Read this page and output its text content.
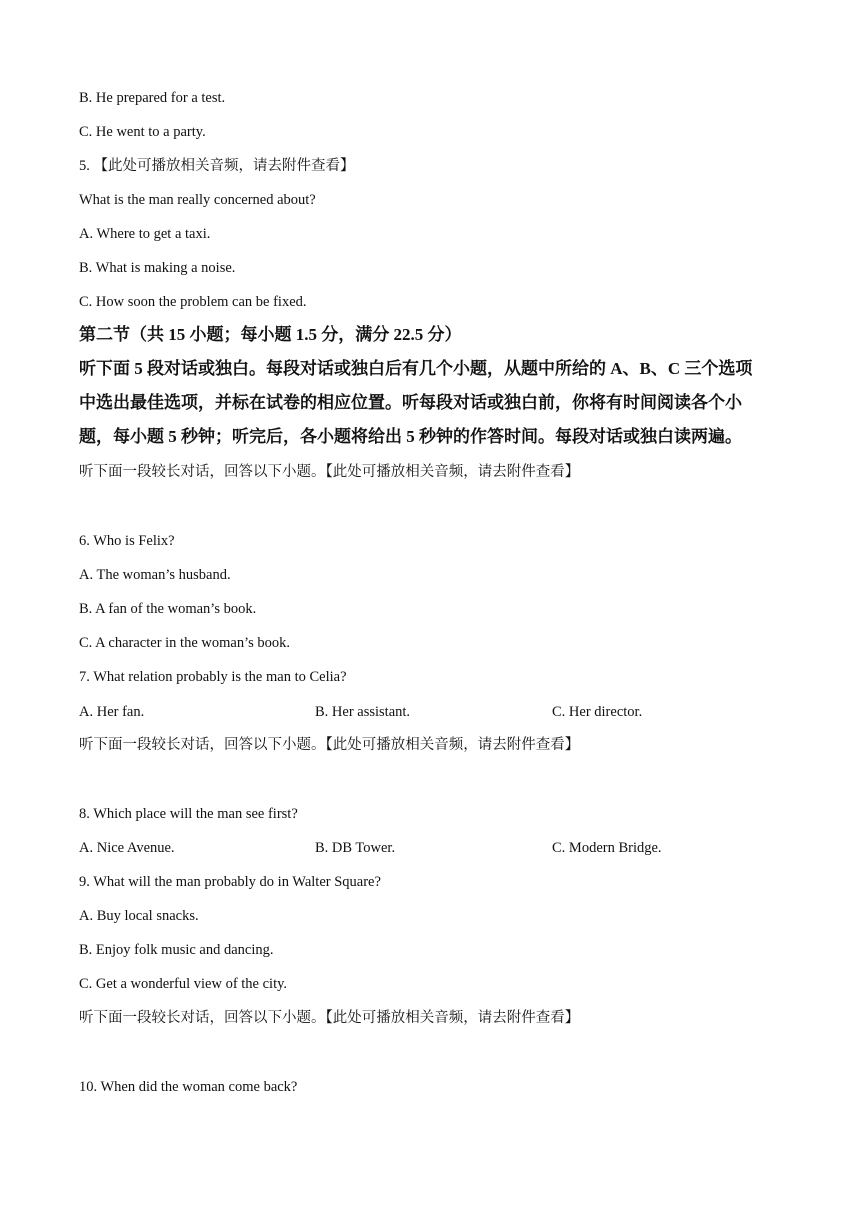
B. He prepared for a test.
C. He went to a party.
5. 【此处可播放相关音频，请去附件查看】
What is the man really concerned about?
A. Where to get a taxi.
B. What is making a noise.
C. How soon the problem can be fixed.
第二节（共 15 小题；每小题 1.5 分，满分 22.5 分）
听下面 5 段对话或独白。每段对话或独白后有几个小题，从题中所给的 A、B、C 三个选项
中选出最佳选项，并标在试卷的相应位置。听每段对话或独白前，你将有时间阅读各个小
题，每小题 5 秒钟；听完后，各小题将给出 5 秒钟的作答时间。每段对话或独白读两遍。
听下面一段较长对话，回答以下小题。【此处可播放相关音频，请去附件查看】
6. Who is Felix?
A. The woman’s husband.
B. A fan of the woman’s book.
C. A character in the woman’s book.
7. What relation probably is the man to Celia?
A. Her fan.	B. Her assistant.	C. Her director.
听下面一段较长对话，回答以下小题。【此处可播放相关音频，请去附件查看】
8. Which place will the man see first?
A. Nice Avenue.	B. DB Tower.	C. Modern Bridge.
9. What will the man probably do in Walter Square?
A. Buy local snacks.
B. Enjoy folk music and dancing.
C. Get a wonderful view of the city.
听下面一段较长对话，回答以下小题。【此处可播放相关音频，请去附件查看】
10. When did the woman come back?
